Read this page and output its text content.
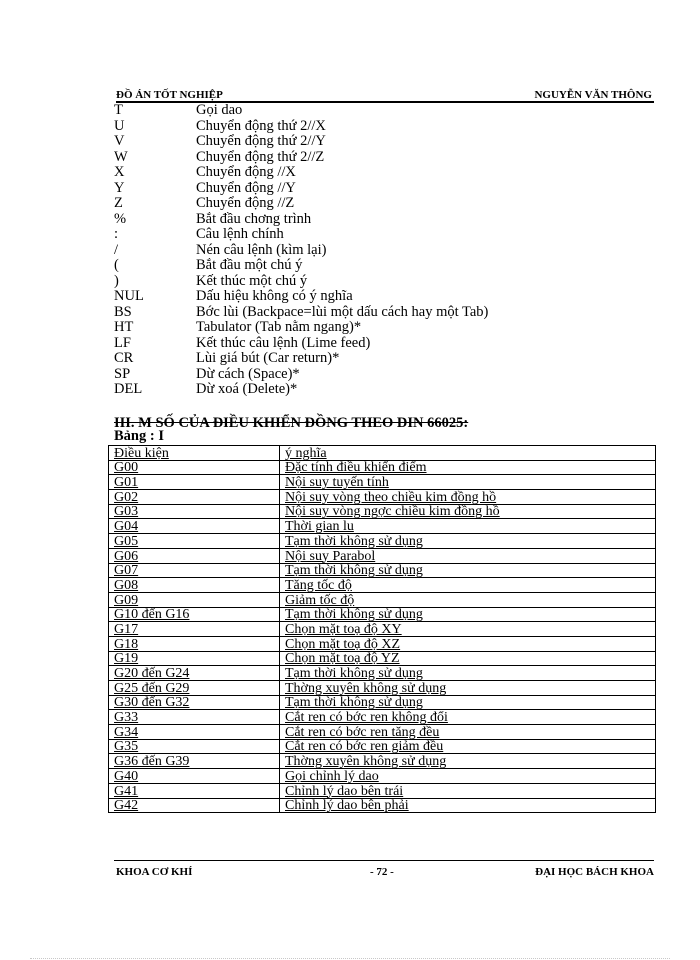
ĐỒ ÁN TỐT NGHIỆP	NGUYỄN VĂN THÔNG
T	Gọi dao
U	Chuyển động thứ 2//X
V	Chuyển động thứ 2//Y
W	Chuyển động thứ 2//Z
X	Chuyển động //X
Y	Chuyển động //Y
Z	Chuyển động //Z
%	Bắt đầu chơng trình
:	Câu lệnh chính
/	Nén câu lệnh (kìm lại)
(	Bắt đầu một chú ý
)	Kết thúc một chú ý
NUL	Dấu hiệu không có ý nghĩa
BS	Bớc lùi (Backpace=lùi một dấu cách hay một Tab)
HT	Tabulator (Tab nằm ngang)*
LF	Kết thúc câu lệnh (Lime feed)
CR	Lùi giá bút (Car return)*
SP	Dừ cách (Space)*
DEL	Dừ xoá (Delete)*
III. M SỐ CỦA ĐIỀU KHIỂN ĐỒNG THEO DIN 66025:
Bảng : I
Điều kiện	ý nghĩa
G00	Đặc tính điều khiển điểm
G01	Nội suy tuyến tính
G02	Nội suy vòng theo chiều kim đồng hồ
G03	Nội suy vòng ngợc chiều kim đồng hồ
G04	Thời gian lu
G05	Tạm thời không sử dụng
G06	Nội suy Parabol
G07	Tạm thời không sử dụng
G08	Tăng tốc độ
G09	Giảm tốc độ
G10 đến G16	Tạm thời không sử dụng
G17	Chọn mặt toạ độ XY
G18	Chọn mặt toạ độ XZ
G19	Chọn mặt toạ độ YZ
G20 đến G24	Tạm thời không sử dụng
G25 đến G29	Thờng xuyên không sử dụng
G30 đến G32	Tạm thời không sử dụng
G33	Cắt ren có bớc ren không đổi
G34	Cắt ren có bớc ren tăng đều
G35	Cắt ren có bớc ren giảm đều
G36 đến G39	Thờng xuyên không sử dụng
G40	Gọi chỉnh lý dao
G41	Chỉnh lý dao bên trái
G42	Chỉnh lý dao bên phải
KHOA CƠ KHÍ	- 72 -	ĐẠI HỌC BÁCH KHOA
